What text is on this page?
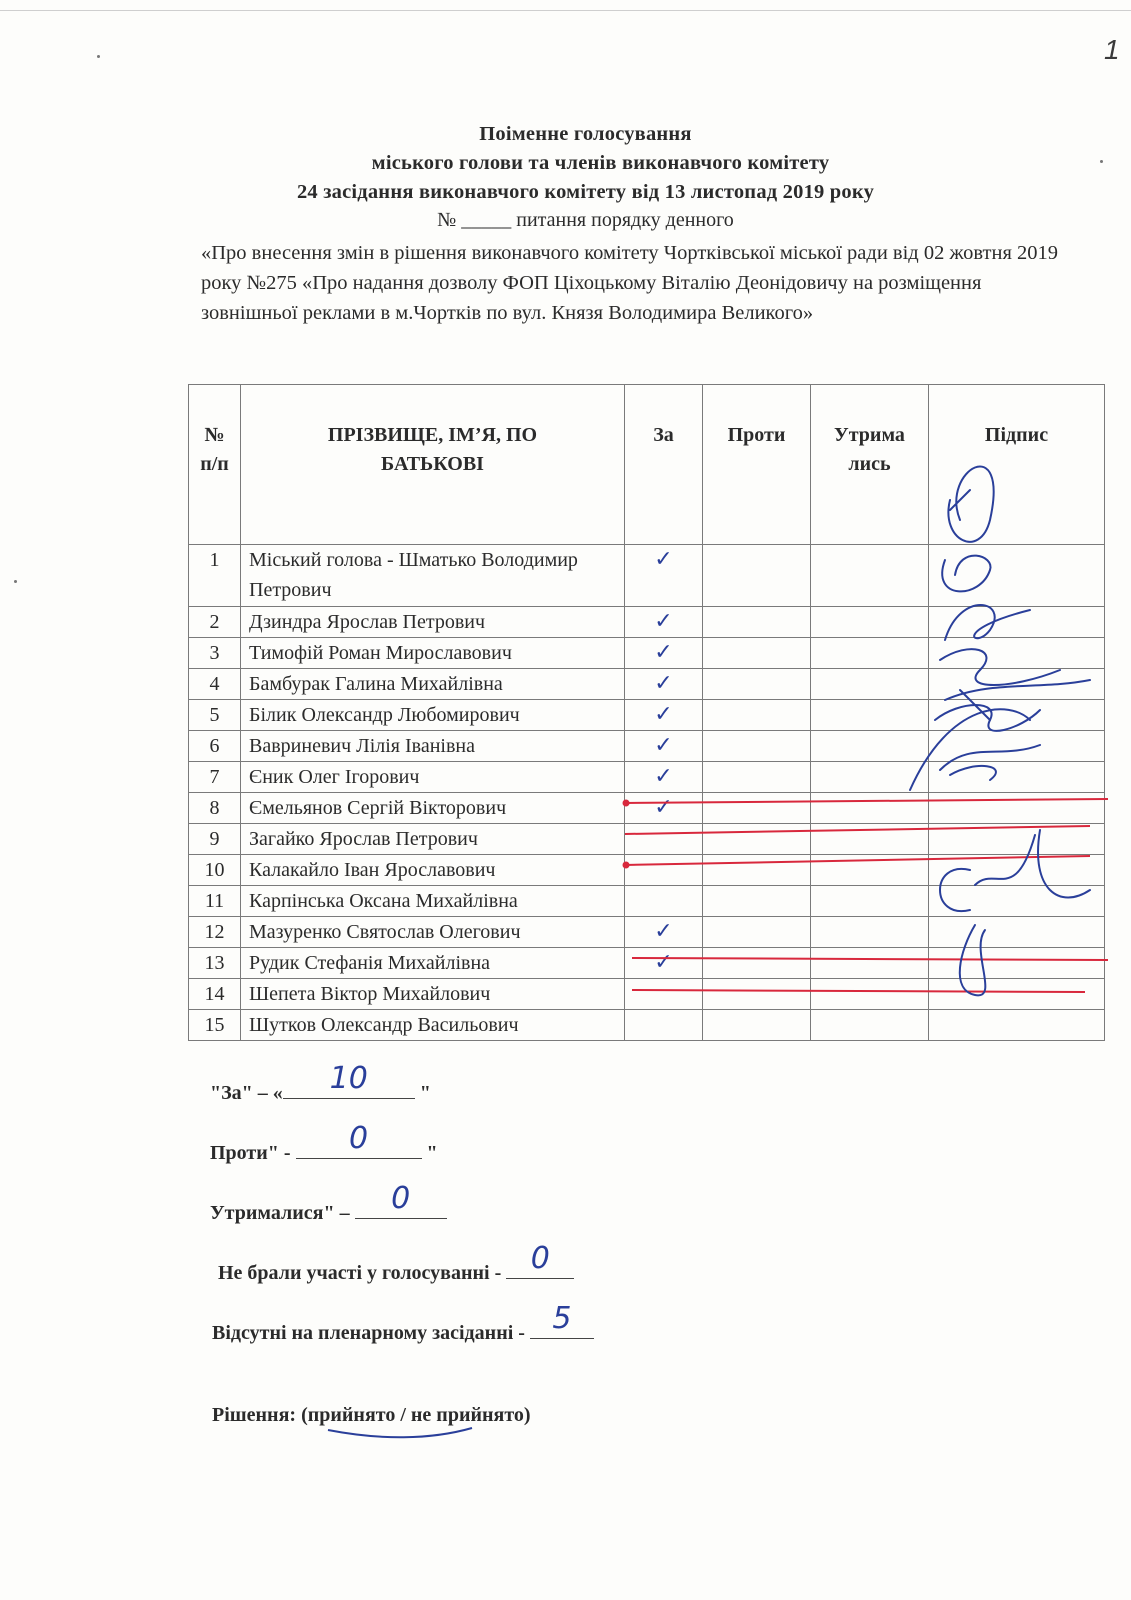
1
Поіменне голосування
міського голови та членів виконавчого комітету
24 засідання виконавчого комітету від 13 листопад 2019 року
№ _____ питання порядку денного
«Про внесення змін в рішення виконавчого комітету Чортківської міської ради від 02 жовтня 2019 року №275 «Про надання дозволу ФОП Ціхоцькому Віталію Деонідовичу на розміщення зовнішньої реклами в м.Чортків по вул. Князя Володимира Великого»
№ п/п	ПРІЗВИЩЕ, ІМ’Я, ПО БАТЬКОВІ	За	Проти	Утрима лись	Підпис
1	Міський голова - Шматько Володимир Петрович	✓			
2	Дзиндра Ярослав Петрович	✓			
3	Тимофій Роман Мирославович	✓			
4	Бамбурак Галина Михайлівна	✓			
5	Білик Олександр Любомирович	✓			
6	Вавриневич Лілія Іванівна	✓			
7	Єник Олег Ігорович	✓			
8	Ємельянов Сергій Вікторович	✓			
9	Загайко Ярослав Петрович				
10	Калакайло Іван Ярославович				
11	Карпінська Оксана Михайлівна				
12	Мазуренко Святослав Олегович	✓			
13	Рудик Стефанія Михайлівна	✓			
14	Шепета Віктор Михайлович				
15	Шутков Олександр Васильович				
"За" – «	10	"
Проти" -	0	"
Утрималися" –	0
Не брали участі у голосуванні - 0
Відсутні на пленарному засіданні - 5
Рішення: (прийнято / не прийнято)
